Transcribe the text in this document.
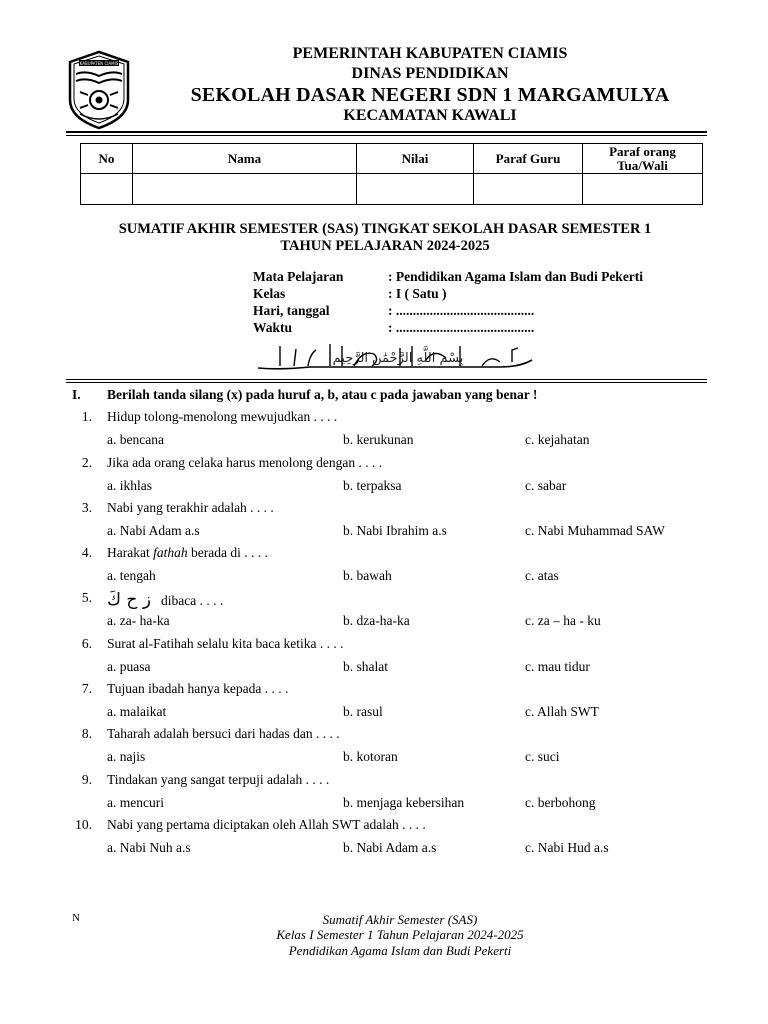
KABUPATEN CIAMIS
PEMERINTAH KABUPATEN CIAMIS
DINAS PENDIDIKAN
SEKOLAH DASAR NEGERI SDN 1 MARGAMULYA
KECAMATAN KAWALI
No	Nama	Nilai	Paraf Guru	Paraf orang Tua/Wali

SUMATIF AKHIR SEMESTER (SAS) TINGKAT SEKOLAH DASAR SEMESTER 1
TAHUN PELAJARAN 2024-2025
Mata Pelajaran	: Pendidikan Agama Islam dan Budi Pekerti
Kelas	: I ( Satu )
Hari, tanggal	: .........................................
Waktu	: .........................................
بِسْمِ اللَّهِ الرَّحْمَٰنِ الرَّحِيمِ
I. Berilah tanda silang (x) pada huruf a, b, atau c pada jawaban yang benar !
1. Hidup tolong-menolong mewujudkan . . . .
a. bencana	b. kerukunan	c. kejahatan
2. Jika ada orang celaka harus menolong dengan . . . .
a. ikhlas	b. terpaksa	c. sabar
3. Nabi yang terakhir adalah . . . .
a. Nabi Adam a.s	b. Nabi Ibrahim a.s	c. Nabi Muhammad SAW
4. Harakat fathah berada di . . . .
a. tengah	b. bawah	c. atas
5. ز ح كَ dibaca . . . .
a. za- ha-ka	b. dza-ha-ka	c. za – ha - ku
6. Surat al-Fatihah selalu kita baca ketika . . . .
a. puasa	b. shalat	c. mau tidur
7. Tujuan ibadah hanya kepada . . . .
a. malaikat	b. rasul	c. Allah SWT
8. Taharah adalah bersuci dari hadas dan . . . .
a. najis	b. kotoran	c. suci
9. Tindakan yang sangat terpuji adalah . . . .
a. mencuri	b. menjaga kebersihan	c. berbohong
10. Nabi yang pertama diciptakan oleh Allah SWT adalah . . . .
a. Nabi Nuh a.s	b. Nabi Adam a.s	c. Nabi Hud a.s
N	Sumatif Akhir Semester (SAS)
Kelas I Semester 1 Tahun Pelajaran 2024-2025
Pendidikan Agama Islam dan Budi Pekerti
